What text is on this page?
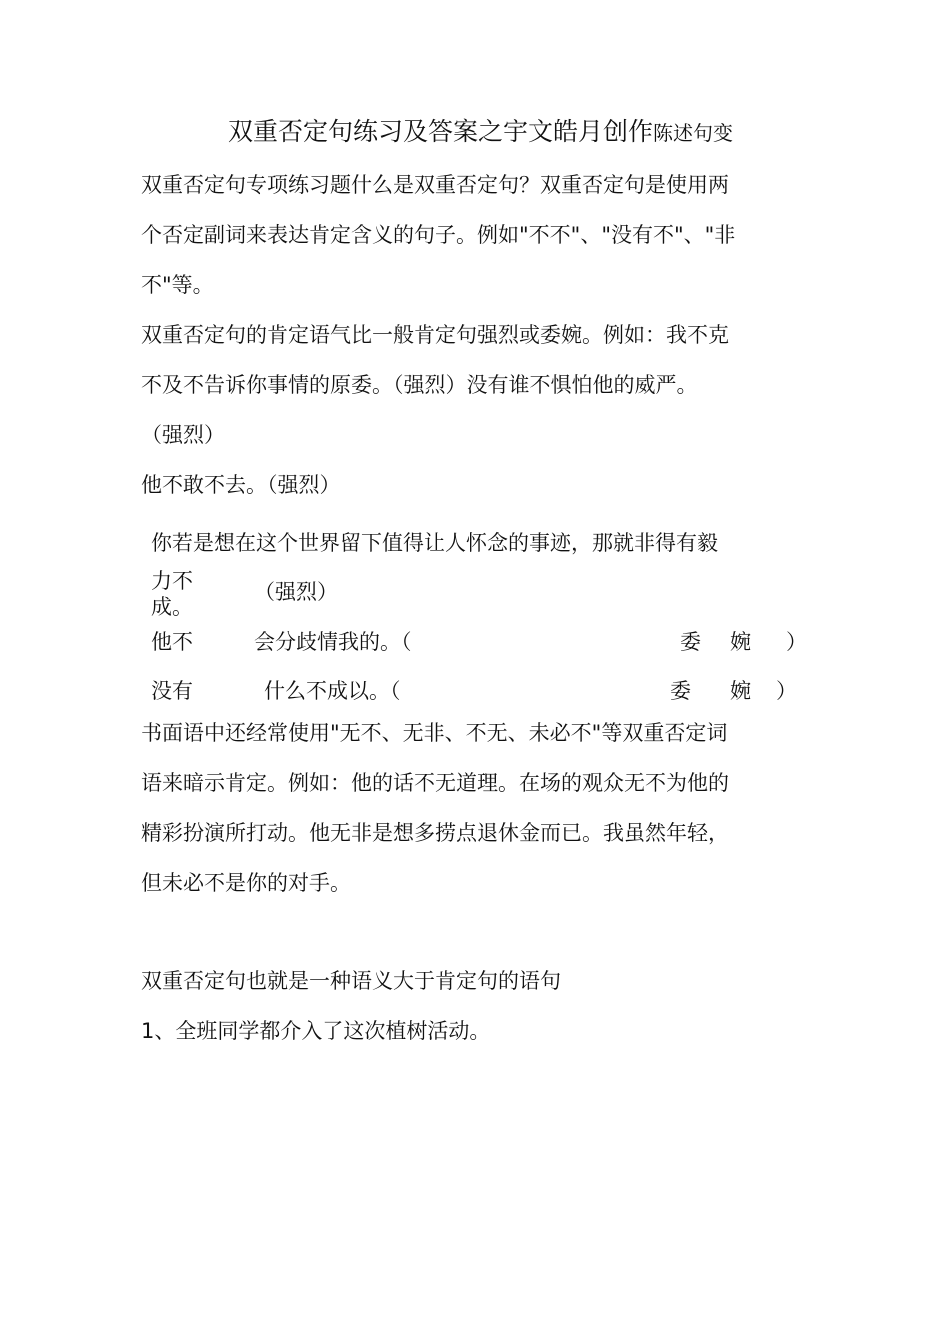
双重否定句练习及答案之宇文皓月创作陈述句变
双重否定句专项练习题什么是双重否定句？双重否定句是使用两
个否定副词来表达肯定含义的句子。例如"不不"、"没有不"、"非
不"等。
双重否定句的肯定语气比一般肯定句强烈或委婉。例如：我不克
不及不告诉你事情的原委。（强烈）没有谁不惧怕他的威严。
（强烈）
他不敢不去。（强烈）
你若是想在这个世界留下值得让人怀念的事迹，那就非得有毅
力不
成。
（强烈）
他不	会分歧情我的。（	委 婉 ）
没有	什么不成以。（	委 婉 ）
书面语中还经常使用"无不、无非、不无、未必不"等双重否定词
语来暗示肯定。例如：他的话不无道理。在场的观众无不为他的
精彩扮演所打动。他无非是想多捞点退休金而已。我虽然年轻，
但未必不是你的对手。
双重否定句也就是一种语义大于肯定句的语句
1、全班同学都介入了这次植树活动。
